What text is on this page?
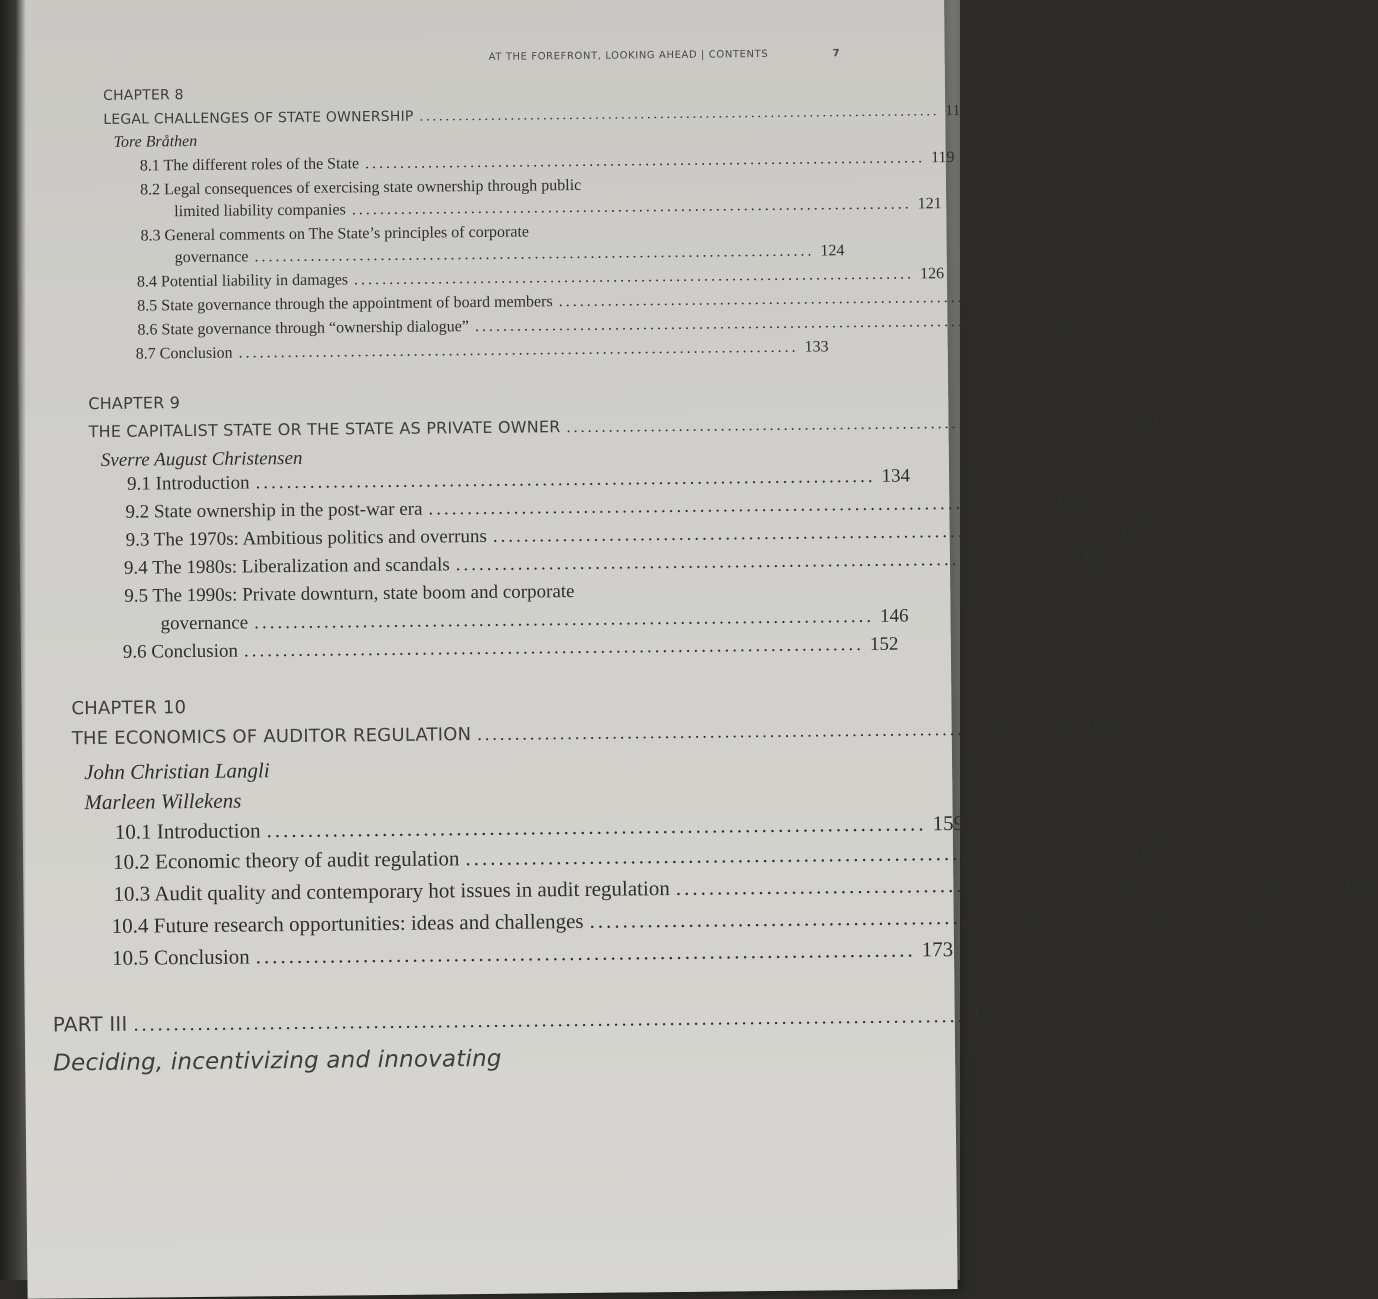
AT THE FOREFRONT, LOOKING AHEAD | CONTENTS	7
CHAPTER 8
LEGAL CHALLENGES OF STATE OWNERSHIP ................................................................................ 119
Tore Bråthen
8.1 The different roles of the State ................................................................................ 119
8.2 Legal consequences of exercising state ownership through public
limited liability companies ................................................................................ 121
8.3 General comments on The State’s principles of corporate
governance ................................................................................ 124
8.4 Potential liability in damages ................................................................................ 126
8.5 State governance through the appointment of board members ................................................................................ 128
8.6 State governance through “ownership dialogue” ................................................................................ 132
8.7 Conclusion ................................................................................ 133
CHAPTER 9
THE CAPITALIST STATE OR THE STATE AS PRIVATE OWNER ................................................................................ 134
Sverre August Christensen
9.1 Introduction ................................................................................ 134
9.2 State ownership in the post-war era ................................................................................ 138
9.3 The 1970s: Ambitious politics and overruns ................................................................................ 140
9.4 The 1980s: Liberalization and scandals ................................................................................ 143
9.5 The 1990s: Private downturn, state boom and corporate
governance ................................................................................ 146
9.6 Conclusion ................................................................................ 152
CHAPTER 10
THE ECONOMICS OF AUDITOR REGULATION ................................................................................ 159
John Christian Langli
Marleen Willekens
10.1 Introduction ................................................................................ 159
10.2 Economic theory of audit regulation ................................................................................ 161
10.3 Audit quality and contemporary hot issues in audit regulation ................................................................................ 164
10.4 Future research opportunities: ideas and challenges ................................................................................ 171
10.5 Conclusion ................................................................................ 173
PART III ........................................................................................................ 177
Deciding, incentivizing and innovating
